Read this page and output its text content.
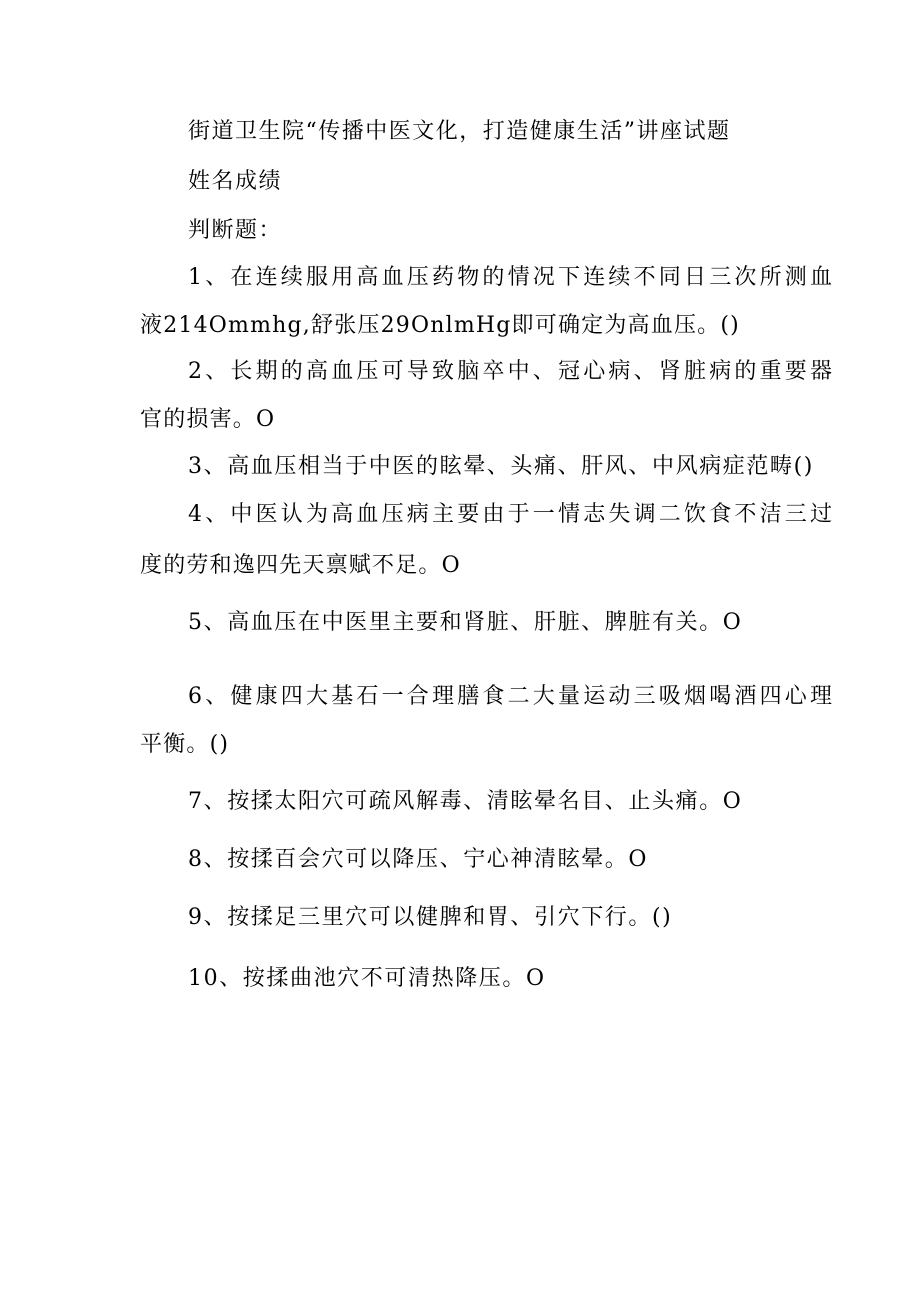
街道卫生院“传播中医文化，打造健康生活”讲座试题
姓名成绩
判断题：
1、在连续服用高血压药物的情况下连续不同日三次所测血
液214Ommhg,舒张压29OnlmHg即可确定为高血压。()
2、长期的高血压可导致脑卒中、冠心病、肾脏病的重要器
官的损害。O
3、高血压相当于中医的眩晕、头痛、肝风、中风病症范畴()
4、中医认为高血压病主要由于一情志失调二饮食不洁三过
度的劳和逸四先天禀赋不足。O
5、高血压在中医里主要和肾脏、肝脏、脾脏有关。O
6、健康四大基石一合理膳食二大量运动三吸烟喝酒四心理
平衡。()
7、按揉太阳穴可疏风解毒、清眩晕名目、止头痛。O
8、按揉百会穴可以降压、宁心神清眩晕。O
9、按揉足三里穴可以健脾和胃、引穴下行。()
10、按揉曲池穴不可清热降压。O
